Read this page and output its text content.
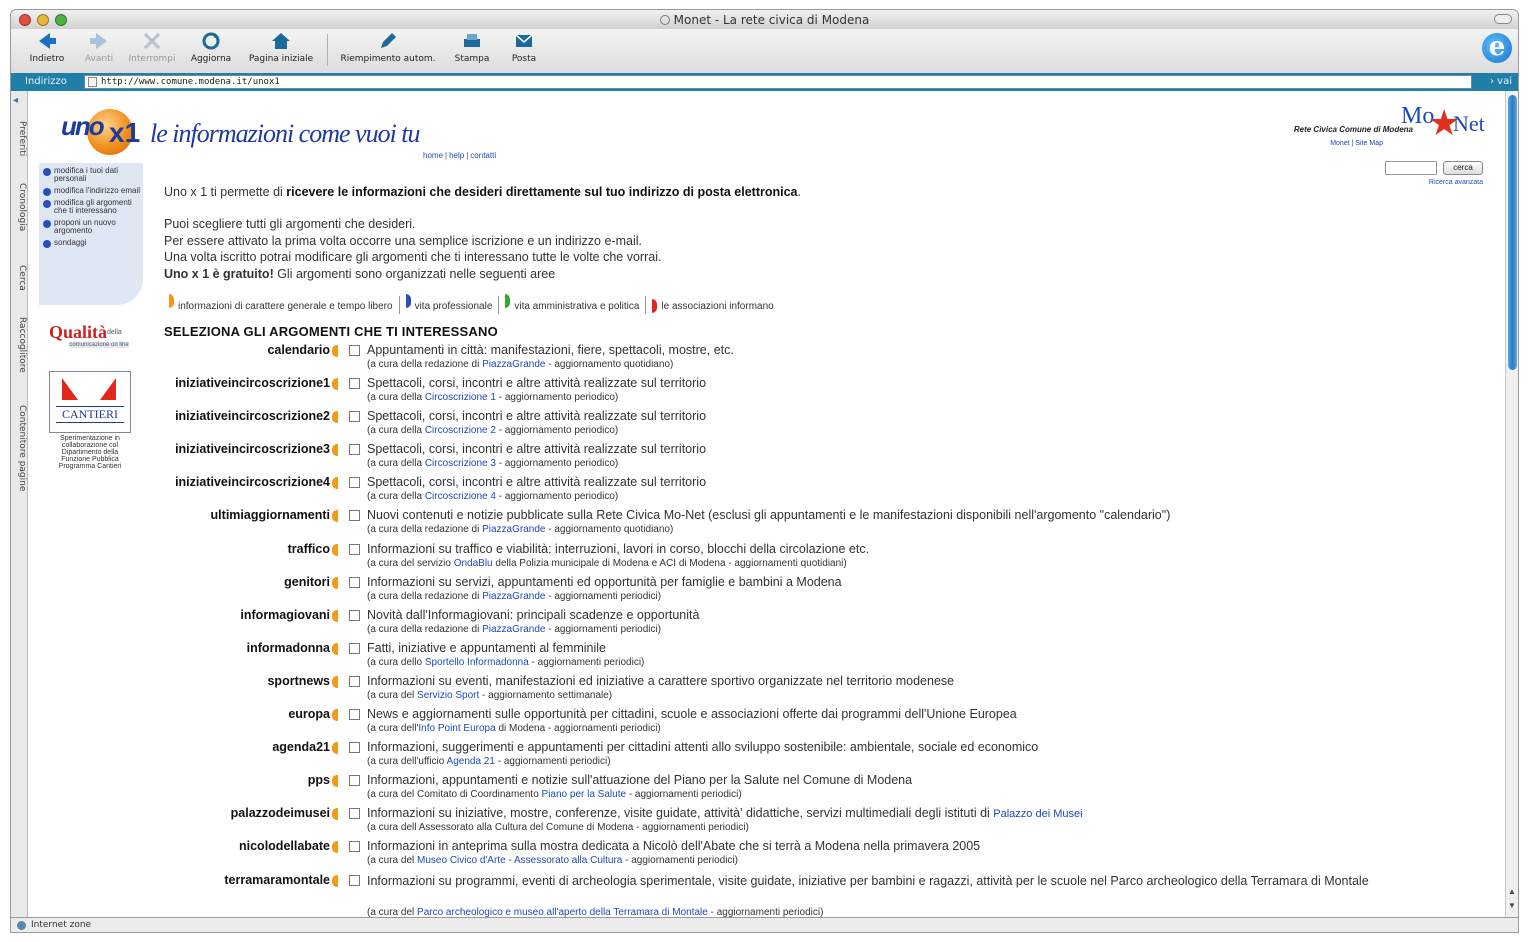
Monet - La rete civica di Modena
Indietro	Avanti	Interrompi	Aggiorna	Pagina iniziale	Riempimento autom.	Stampa	Posta	e
Indirizzo	http://www.comune.modena.it/unox1	› vai
◂
Preferiti
Cronologia
Cerca
Raccoglitore
Contenitore pagine
uno x1 le informazioni come vuoi tu
home | help | contatti
Rete Civica Comune di Modena
Monet | Site Map
Mo
★
Net
cerca
Ricerca avanzata
modifica i tuoi dati personali
modifica l'indirizzo email
modifica gli argomenti che ti interessano
proponi un nuovo argomento
sondaggi
Qualità della
comunicazione on line
CANTIERI
Sperimentazione in collaborazione col Dipartimento della Funzione Pubblica Programma Cantieri
Uno x 1 ti permette di ricevere le informazioni che desideri direttamente sul tuo indirizzo di posta elettronica.
Puoi scegliere tutti gli argomenti che desideri.
Per essere attivato la prima volta occorre una semplice iscrizione e un indirizzo e-mail.
Una volta iscritto potrai modificare gli argomenti che ti interessano tutte le volte che vorrai.
Uno x 1 è gratuito! Gli argomenti sono organizzati nelle seguenti aree
informazioni di carattere generale e tempo libero vita professionale vita amministrativa e politica le associazioni informano
SELEZIONA GLI ARGOMENTI CHE TI INTERESSANO
calendario	Appuntamenti in città: manifestazioni, fiere, spettacoli, mostre, etc.
(a cura della redazione di PiazzaGrande - aggiornamento quotidiano)
iniziativeincircoscrizione1	Spettacoli, corsi, incontri e altre attività realizzate sul territorio
(a cura della Circoscrizione 1 - aggiornamento periodico)
iniziativeincircoscrizione2	Spettacoli, corsi, incontri e altre attività realizzate sul territorio
(a cura della Circoscrizione 2 - aggiornamento periodico)
iniziativeincircoscrizione3	Spettacoli, corsi, incontri e altre attività realizzate sul territorio
(a cura della Circoscrizione 3 - aggiornamento periodico)
iniziativeincircoscrizione4	Spettacoli, corsi, incontri e altre attività realizzate sul territorio
(a cura della Circoscrizione 4 - aggiornamento periodico)
ultimiaggiornamenti	Nuovi contenuti e notizie pubblicate sulla Rete Civica Mo-Net (esclusi gli appuntamenti e le manifestazioni disponibili nell'argomento "calendario")
(a cura della redazione di PiazzaGrande - aggiornamento quotidiano)
traffico	Informazioni su traffico e viabilità: interruzioni, lavori in corso, blocchi della circolazione etc.
(a cura del servizio OndaBlu della Polizia municipale di Modena e ACI di Modena - aggiornamenti quotidiani)
genitori	Informazioni su servizi, appuntamenti ed opportunità per famiglie e bambini a Modena
(a cura della redazione di PiazzaGrande - aggiornamenti periodici)
informagiovani	Novità dall'Informagiovani: principali scadenze e opportunità
(a cura della redazione di PiazzaGrande - aggiornamenti periodici)
informadonna	Fatti, iniziative e appuntamenti al femminile
(a cura dello Sportello Informadonna - aggiornamenti periodici)
sportnews	Informazioni su eventi, manifestazioni ed iniziative a carattere sportivo organizzate nel territorio modenese
(a cura del Servizio Sport - aggiornamento settimanale)
europa	News e aggiornamenti sulle opportunità per cittadini, scuole e associazioni offerte dai programmi dell'Unione Europea
(a cura dell'Info Point Europa di Modena - aggiornamenti periodici)
agenda21	Informazioni, suggerimenti e appuntamenti per cittadini attenti allo sviluppo sostenibile: ambientale, sociale ed economico
(a cura dell'ufficio Agenda 21 - aggiornamenti periodici)
pps	Informazioni, appuntamenti e notizie sull'attuazione del Piano per la Salute nel Comune di Modena
(a cura del Comitato di Coordinamento Piano per la Salute - aggiornamenti periodici)
palazzodeimusei	Informazioni su iniziative, mostre, conferenze, visite guidate, attività' didattiche, servizi multimediali degli istituti di Palazzo dei Musei
(a cura dell Assessorato alla Cultura del Comune di Modena - aggiornamenti periodici)
nicolodellabate	Informazioni in anteprima sulla mostra dedicata a Nicolò dell'Abate che si terrà a Modena nella primavera 2005
(a cura del Museo Civico d'Arte - Assessorato alla Cultura - aggiornamenti periodici)
terramaramontale	Informazioni su programmi, eventi di archeologia sperimentale, visite guidate, iniziative per bambini e ragazzi, attività per le scuole nel Parco archeologico della Terramara di Montale
(a cura del Parco archeologico e museo all'aperto della Terramara di Montale - aggiornamenti periodici)
▲
▼
Internet zone
